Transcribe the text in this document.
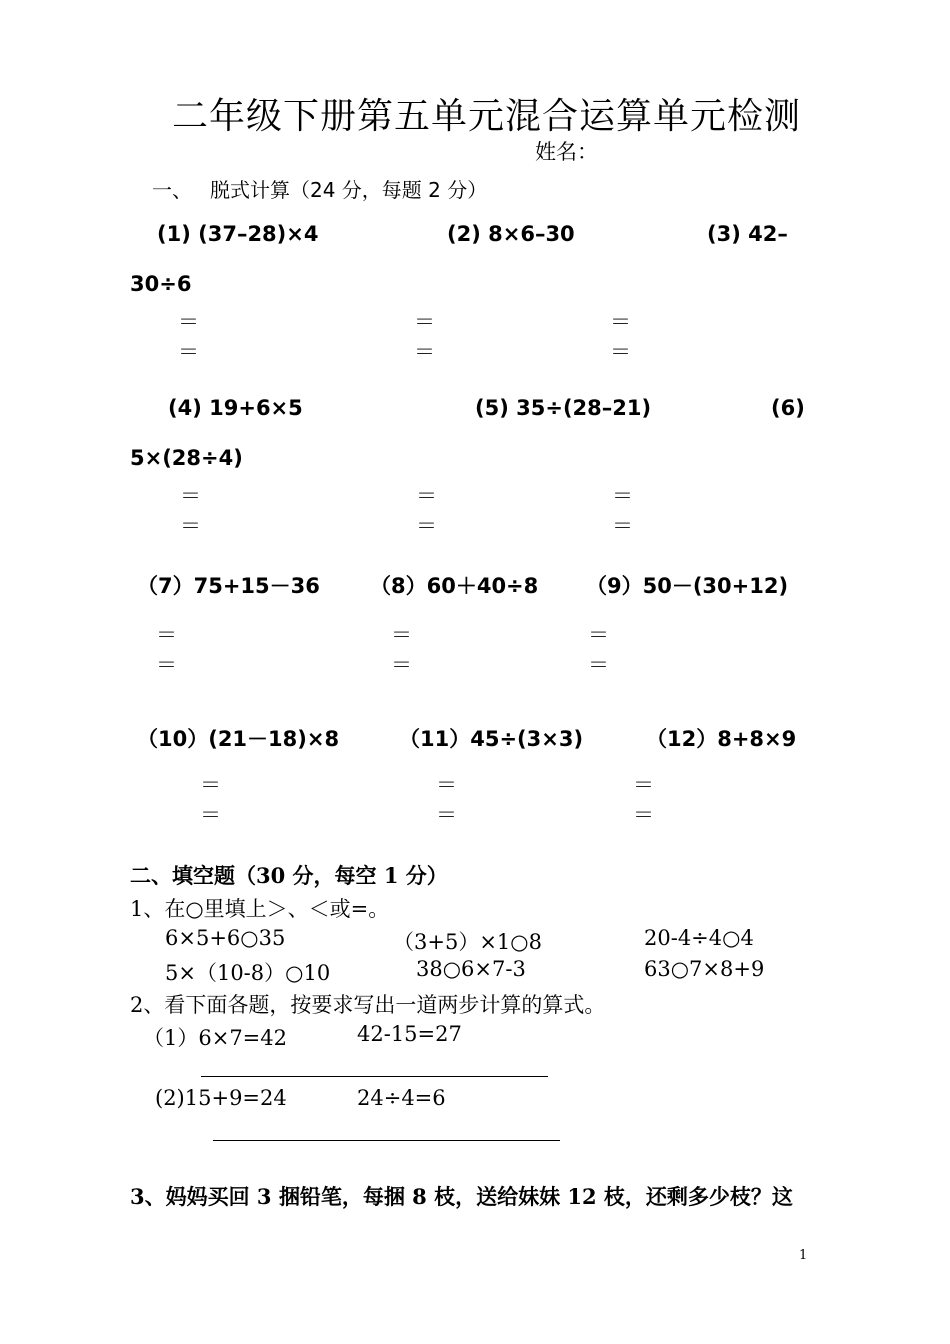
二年级下册第五单元混合运算单元检测
姓名：
一、 脱式计算（24 分，每题 2 分）
(1) (37–28)×4	(2) 8×6–30	(3) 42–
30÷6
＝
＝
＝
＝
＝
＝
(4) 19+6×5	(5) 35÷(28–21)	(6)
5×(28÷4)
＝
＝
＝
＝
＝
＝
（7）75+15－36 （8）60＋40÷8 （9）50－(30+12)
＝
＝
＝
＝
＝
＝
（10）(21－18)×8	（11）45÷(3×3)	（12）8+8×9
＝
＝
＝
＝
＝
＝
二、填空题（30 分，每空 1 分）
1、在○里填上＞、＜或=。
6×5+6○35	（3+5）×1○8	20-4÷4○4
5×（10-8）○10	38○6×7-3	63○7×8+9
2、看下面各题，按要求写出一道两步计算的算式。
（1）6×7=42	42-15=27
(2)15+9=24	24÷4=6
3、妈妈买回 3 捆铅笔，每捆 8 枝，送给妹妹 12 枝，还剩多少枝？这
1
